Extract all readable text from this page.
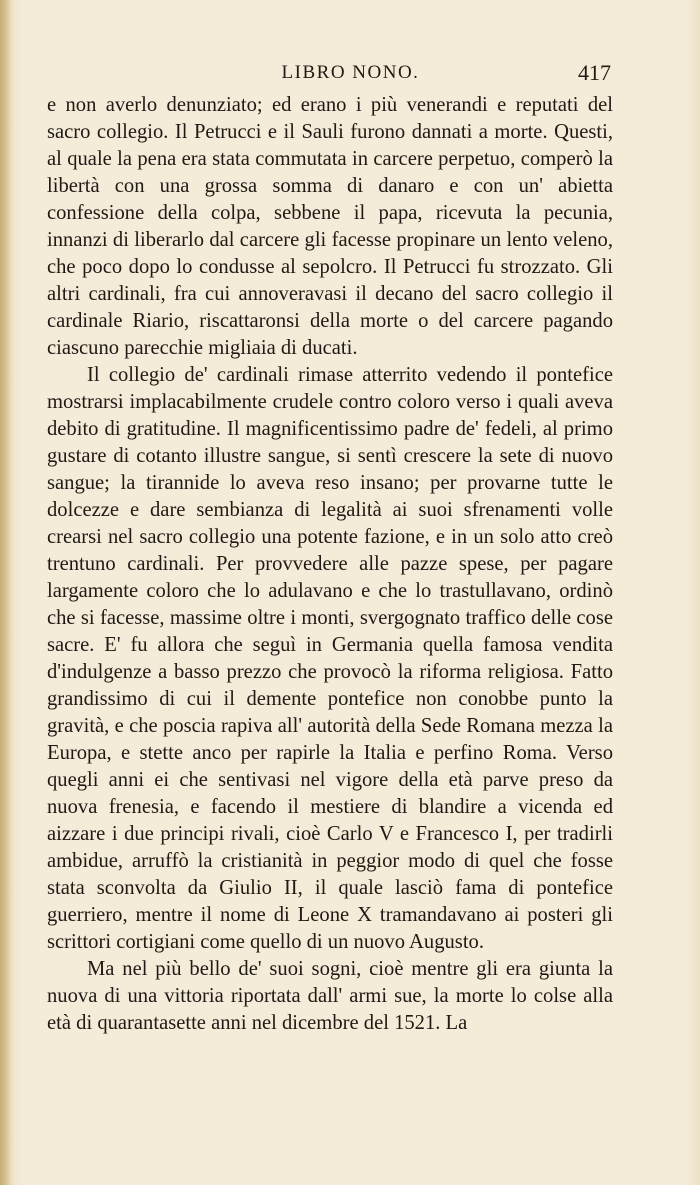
LIBRO NONO.	417

e non averlo denunziato; ed erano i più venerandi e reputati del sacro collegio. Il Petrucci e il Sauli furono dannati a morte. Questi, al quale la pena era stata commutata in carcere perpetuo, comperò la libertà con una grossa somma di danaro e con un' abietta confessione della colpa, sebbene il papa, ricevuta la pecunia, innanzi di liberarlo dal carcere gli facesse propinare un lento veleno, che poco dopo lo condusse al sepolcro. Il Petrucci fu strozzato. Gli altri cardinali, fra cui annoveravasi il decano del sacro collegio il cardinale Riario, riscattaronsi della morte o del carcere pagando ciascuno parecchie migliaia di ducati.

Il collegio de' cardinali rimase atterrito vedendo il pontefice mostrarsi implacabilmente crudele contro coloro verso i quali aveva debito di gratitudine. Il magnificentissimo padre de' fedeli, al primo gustare di cotanto illustre sangue, si sentì crescere la sete di nuovo sangue; la tirannide lo aveva reso insano; per provarne tutte le dolcezze e dare sembianza di legalità ai suoi sfrenamenti volle crearsi nel sacro collegio una potente fazione, e in un solo atto creò trentuno cardinali. Per provvedere alle pazze spese, per pagare largamente coloro che lo adulavano e che lo trastullavano, ordinò che si facesse, massime oltre i monti, svergognato traffico delle cose sacre. E' fu allora che seguì in Germania quella famosa vendita d'indulgenze a basso prezzo che provocò la riforma religiosa. Fatto grandissimo di cui il demente pontefice non conobbe punto la gravità, e che poscia rapiva all' autorità della Sede Romana mezza la Europa, e stette anco per rapirle la Italia e perfino Roma. Verso quegli anni ei che sentivasi nel vigore della età parve preso da nuova frenesia, e facendo il mestiere di blandire a vicenda ed aizzare i due principi rivali, cioè Carlo V e Francesco I, per tradirli ambidue, arruffò la cristianità in peggior modo di quel che fosse stata sconvolta da Giulio II, il quale lasciò fama di pontefice guerriero, mentre il nome di Leone X tramandavano ai posteri gli scrittori cortigiani come quello di un nuovo Augusto.

Ma nel più bello de' suoi sogni, cioè mentre gli era giunta la nuova di una vittoria riportata dall' armi sue, la morte lo colse alla età di quarantasette anni nel dicembre del 1521. La
